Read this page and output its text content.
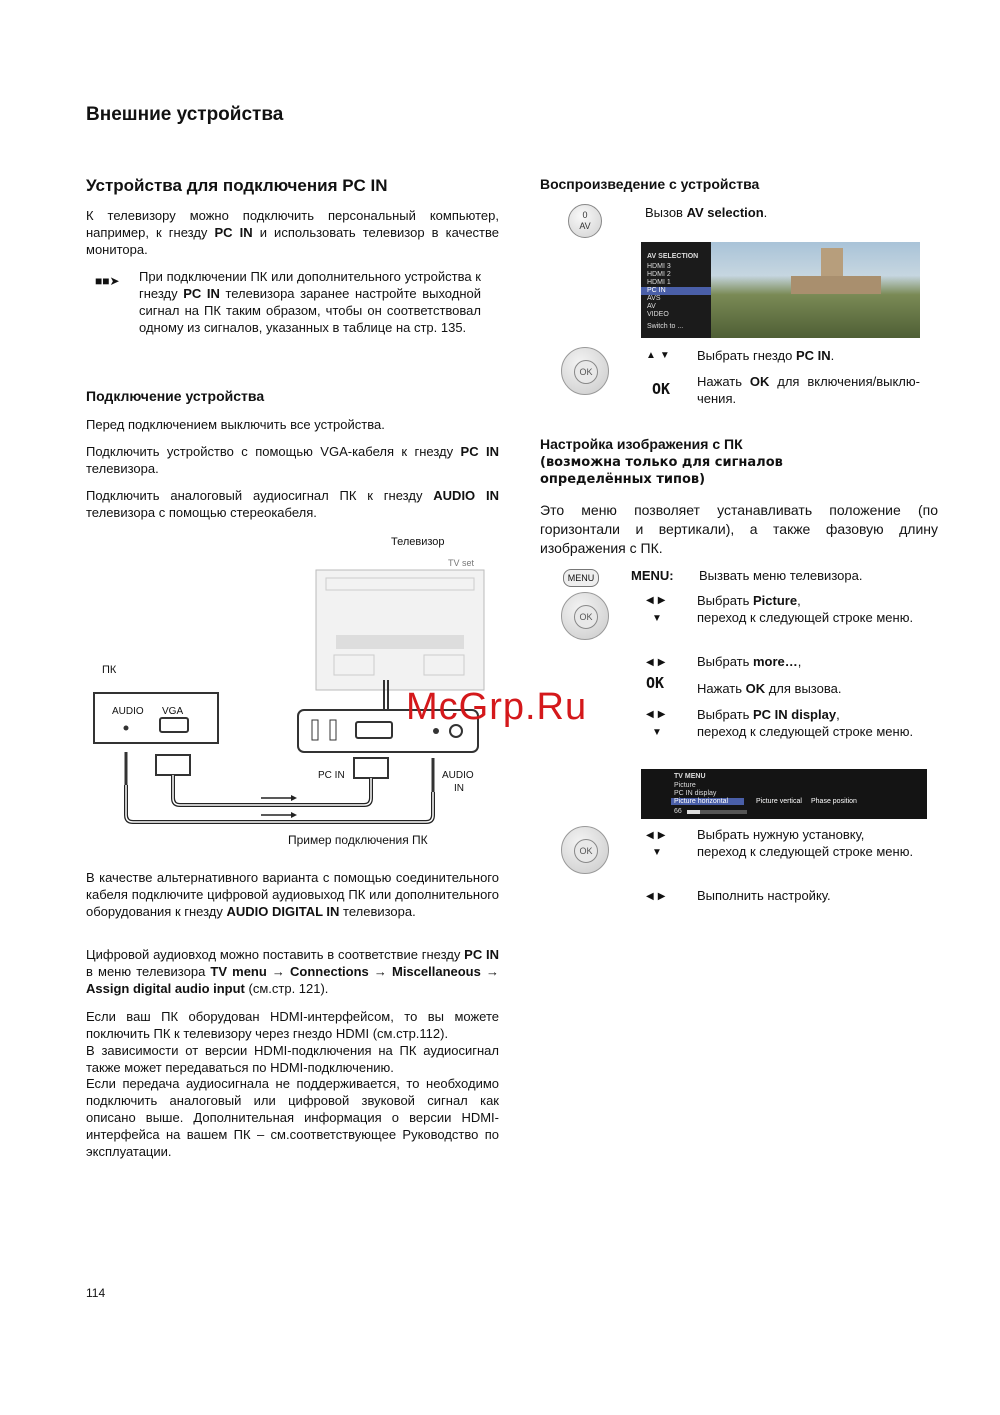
Внешние устройства
Устройства для подключения PC IN

К телевизору можно подключить персональный компьютер, например, к гнезду PC IN и использовать телевизор в качестве монитора.

■■➤ При подключении ПК или дополнительного устройства к гнезду PC IN телевизора заранее настройте выходной сигнал на ПК таким образом, чтобы он соответствовал одному из сигналов, указанных в таблице на стр. 135.

Подключение устройства

Перед подключением выключить все устройства.

Подключить устройство с помощью VGA-кабеля к гнезду PC IN телевизора.

Подключить аналоговый аудиосигнал ПК к гнезду AUDIO IN телевизора с помощью стереокабеля.

Телевизор
TV set
ПК
AUDIO VGA
PC IN	AUDIO
IN
Пример подключения ПК

В качестве альтернативного варианта с помощью соединительного кабеля подключите цифровой аудиовыход ПК или дополнительного оборудования к гнезду AUDIO DIGITAL IN телевизора.

Цифровой аудиовход можно поставить в соответствие гнезду PC IN в меню телевизора TV menu → Connections → Miscellaneous → Assign digital audio input (см.стр. 121).

Если ваш ПК оборудован HDMI-интерфейсом, то вы можете поключить ПК к телевизору через гнездо HDMI (см.стр.112).

В зависимости от версии HDMI-подключения на ПК аудиосигнал также может передаваться по HDMI-подключению.

Если передача аудиосигнала не поддерживается, то необходимо подключить аналоговый или цифровой звуковой сигнал как описано выше. Дополнительная информация о версии HDMI-интерфейса на вашем ПК – см.соответствующее Руководство по эксплуатации.

114
Воспроизведение с устройства
0
AV
Вызов AV selection.
AV SELECTION
HDMI 3
HDMI 2
HDMI 1
PC IN
AVS
AV
VIDEO
Switch to ...
OK
▲▼ Выбрать гнездо PC IN.
OK Нажать OK для включения/выключения.

Настройка изображения с ПК
(возможна только для сигналов
определённых типов)

Это меню позволяет устанавливать положение (по горизонтали и вертикали), а также фазовую длину изображения с ПК.

MENU	MENU: Вызвать меню телевизора.
OK
◀▶ Выбрать Picture,
▼ переход к следующей строке меню.

◀▶ Выбрать more…,
OK	Нажать OK для вызова.
◀▶ Выбрать PC IN display,
▼ переход к следующей строке меню.

TV MENU
Picture
PC IN display
Picture horizontal	Picture vertical Phase position
66
OK
◀▶ Выбрать нужную установку,
▼ переход к следующей строке меню.

◀▶ Выполнить настройку.
McGrp.Ru
